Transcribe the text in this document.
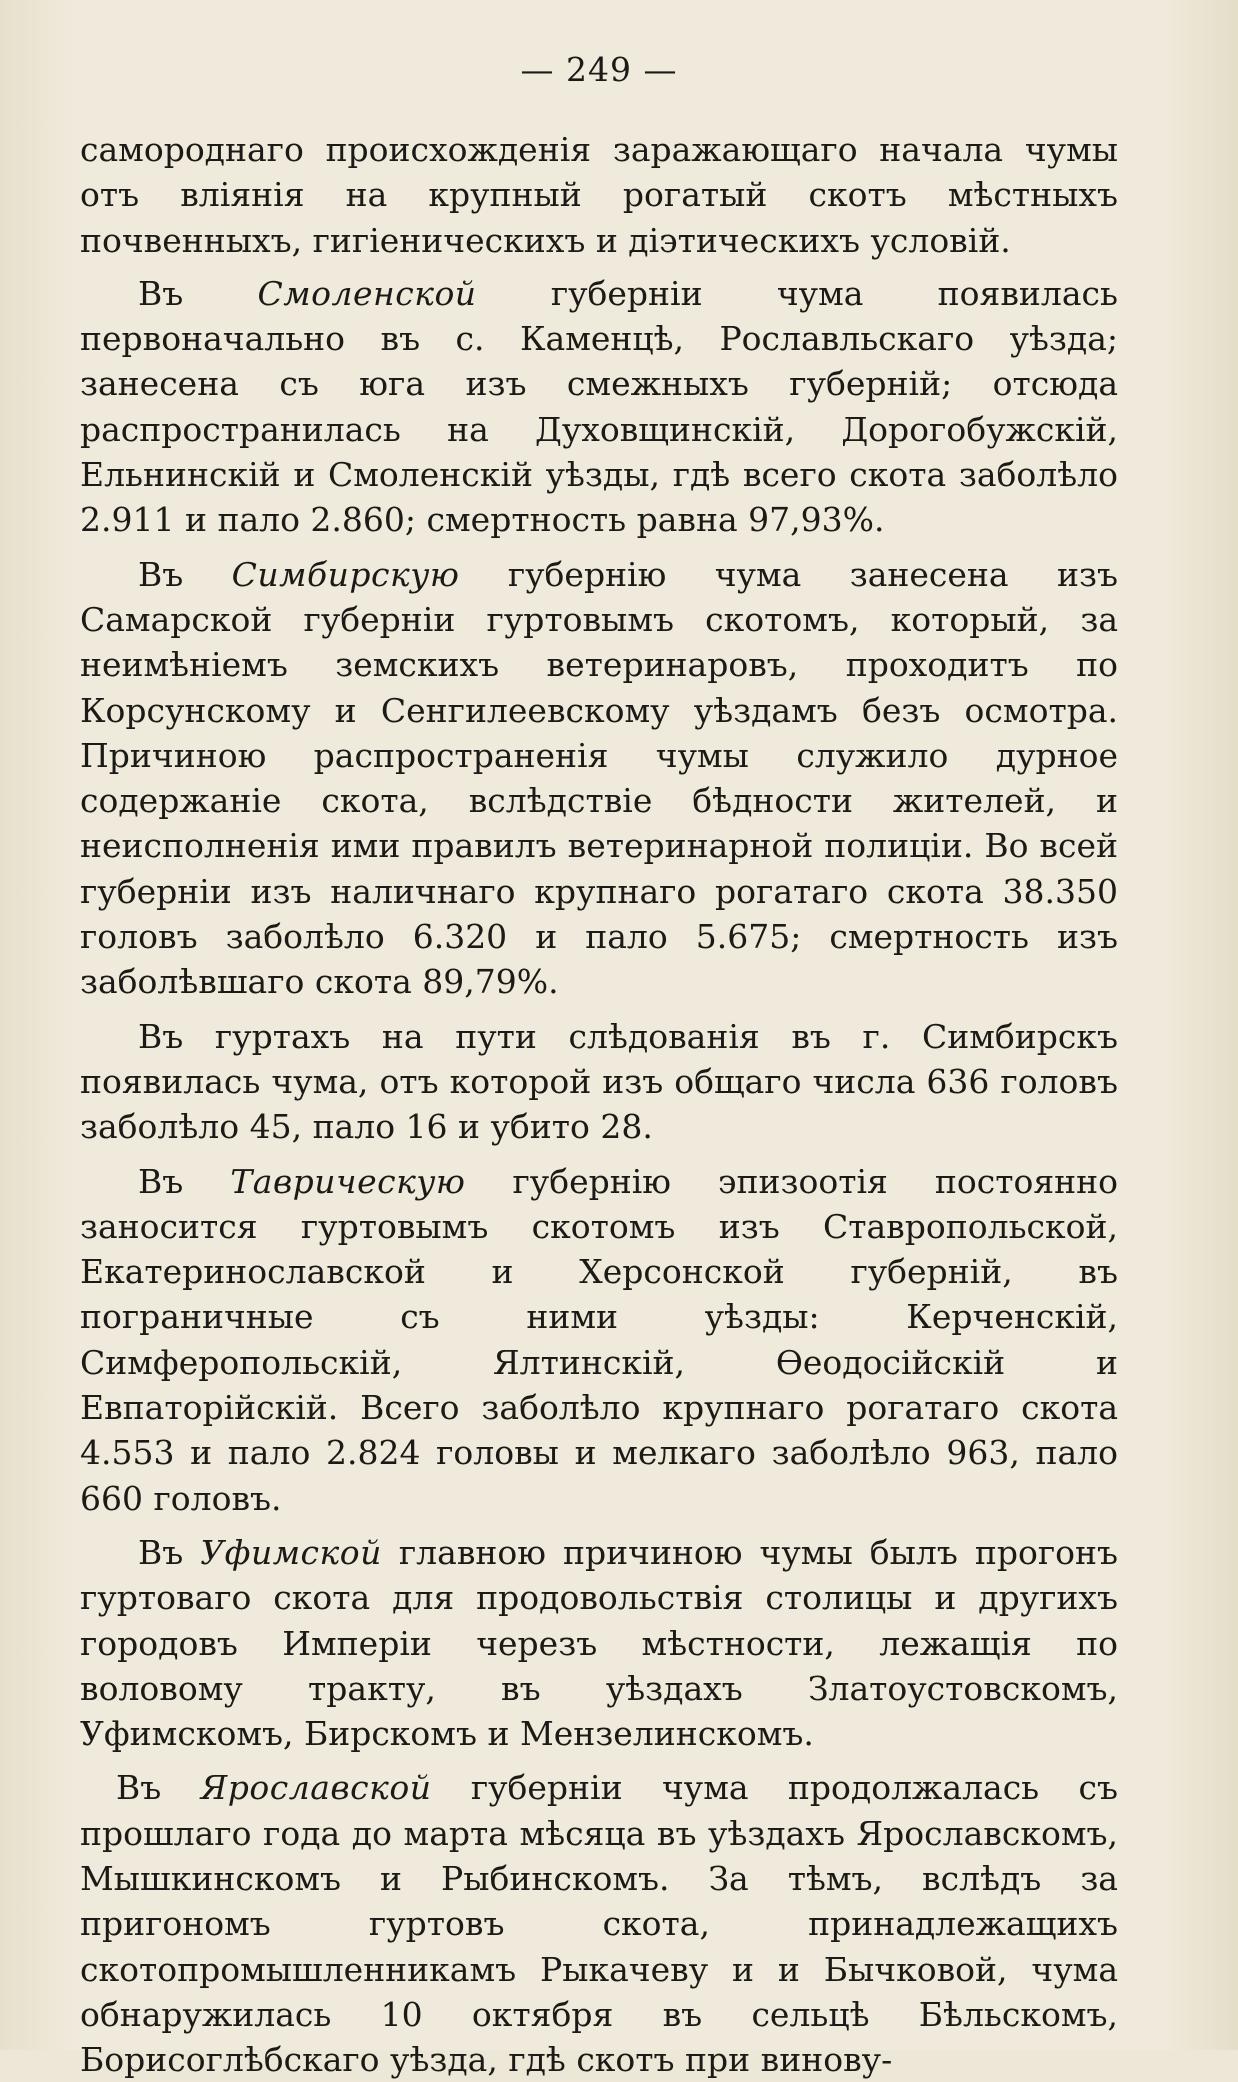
— 249 —

самороднаго происхожденія заражающаго начала чумы отъ вліянія на крупный рогатый скотъ мѣстныхъ почвенныхъ, гигіеническихъ и діэтическихъ условій.

Въ Смоленской губерніи чума появилась первоначально въ с. Каменцѣ, Рославльскаго уѣзда; занесена съ юга изъ смежныхъ губерній; отсюда распространилась на Духовщинскій, Дорогобужскій, Ельнинскій и Смоленскій уѣзды, гдѣ всего скота заболѣло 2.911 и пало 2.860; смертность равна 97,93%.

Въ Симбирскую губернію чума занесена изъ Самарской губерніи гуртовымъ скотомъ, который, за неимѣніемъ земскихъ ветеринаровъ, проходитъ по Корсунскому и Сенгилеевскому уѣздамъ безъ осмотра. Причиною распространенія чумы служило дурное содержаніе скота, вслѣдствіе бѣдности жителей, и неисполненія ими правилъ ветеринарной полиціи. Во всей губерніи изъ наличнаго крупнаго рогатаго скота 38.350 головъ заболѣло 6.320 и пало 5.675; смертность изъ заболѣвшаго скота 89,79%.

Въ гуртахъ на пути слѣдованія въ г. Симбирскъ появилась чума, отъ которой изъ общаго числа 636 головъ заболѣло 45, пало 16 и убито 28.

Въ Таврическую губернію эпизоотія постоянно заносится гуртовымъ скотомъ изъ Ставропольской, Екатеринославской и Херсонской губерній, въ пограничные съ ними уѣзды: Керченскій, Симферопольскій, Ялтинскій, Ѳеодосійскій и Евпаторійскій. Всего заболѣло крупнаго рогатаго скота 4.553 и пало 2.824 головы и мелкаго заболѣло 963, пало 660 головъ.

Въ Уфимской главною причиною чумы былъ прогонъ гуртоваго скота для продовольствія столицы и другихъ городовъ Имперіи черезъ мѣстности, лежащія по воловому тракту, въ уѣздахъ Златоустовскомъ, Уфимскомъ, Бирскомъ и Мензелинскомъ.

Въ Ярославской губерніи чума продолжалась съ прошлаго года до марта мѣсяца въ уѣздахъ Ярославскомъ, Мышкинскомъ и Рыбинскомъ. За тѣмъ, вслѣдъ за пригономъ гуртовъ скота, принадлежащихъ скотопромышленникамъ Рыкачеву и и Бычковой, чума обнаружилась 10 октября въ сельцѣ Бѣльскомъ, Борисоглѣбскаго уѣзда, гдѣ скотъ при винову-
